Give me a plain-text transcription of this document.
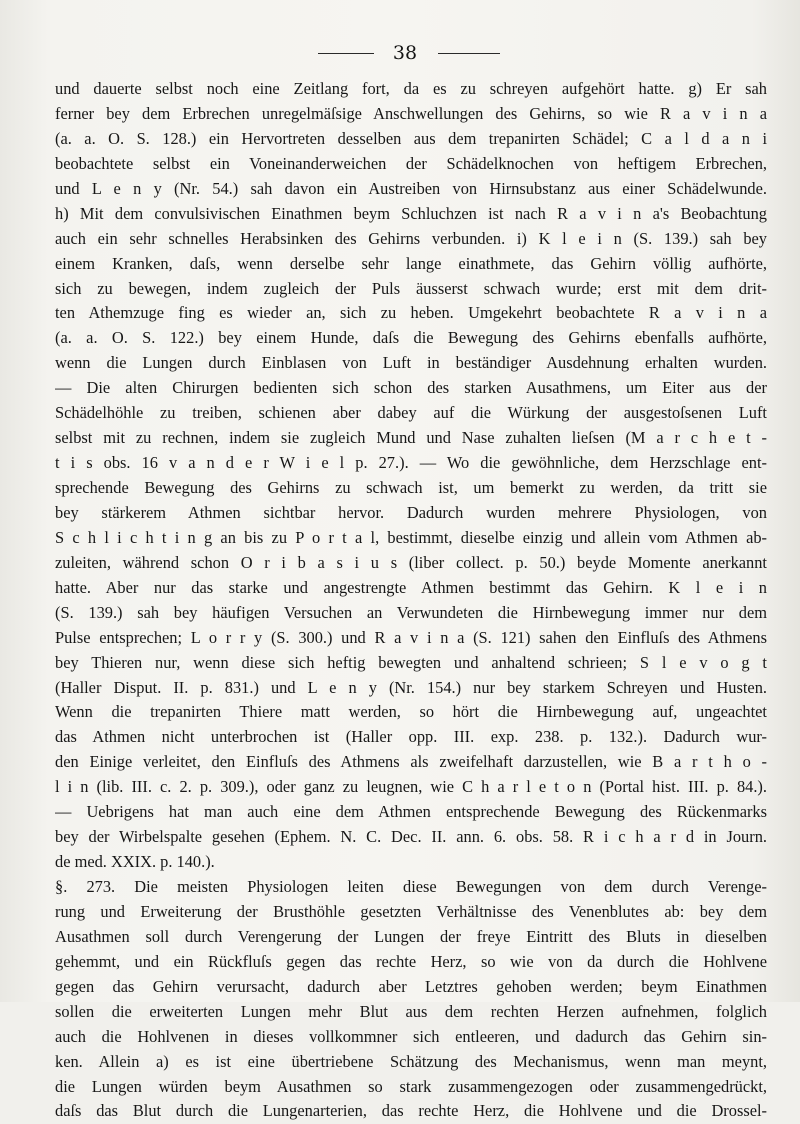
38
und dauerte selbst noch eine Zeitlang fort, da es zu schreyen aufgehört hatte. g) Er sah
ferner bey dem Erbrechen unregelmäſsige Anschwellungen des Gehirns, so wie R a v i n a
(a. a. O. S. 128.) ein Hervortreten desselben aus dem trepanirten Schädel; C a l d a n i
beobachtete selbst ein Voneinanderweichen der Schädelknochen von heftigem Erbrechen,
und L e n y (Nr. 54.) sah davon ein Austreiben von Hirnsubstanz aus einer Schädelwunde.
h) Mit dem convulsivischen Einathmen beym Schluchzen ist nach R a v i n a's Beobachtung
auch ein sehr schnelles Herabsinken des Gehirns verbunden. i) K l e i n (S. 139.) sah bey
einem Kranken, daſs, wenn derselbe sehr lange einathmete, das Gehirn völlig aufhörte,
sich zu bewegen, indem zugleich der Puls äusserst schwach wurde; erst mit dem drit-
ten Athemzuge fing es wieder an, sich zu heben. Umgekehrt beobachtete R a v i n a
(a. a. O. S. 122.) bey einem Hunde, daſs die Bewegung des Gehirns ebenfalls aufhörte,
wenn die Lungen durch Einblasen von Luft in beständiger Ausdehnung erhalten wurden.
— Die alten Chirurgen bedienten sich schon des starken Ausathmens, um Eiter aus der
Schädelhöhle zu treiben, schienen aber dabey auf die Würkung der ausgestoſsenen Luft
selbst mit zu rechnen, indem sie zugleich Mund und Nase zuhalten lieſsen (M a r c h e t -
t i s obs. 16 v a n d e r W i e l p. 27.). — Wo die gewöhnliche, dem Herzschlage ent-
sprechende Bewegung des Gehirns zu schwach ist, um bemerkt zu werden, da tritt sie
bey stärkerem Athmen sichtbar hervor. Dadurch wurden mehrere Physiologen, von
S c h l i c h t i n g an bis zu P o r t a l, bestimmt, dieselbe einzig und allein vom Athmen ab-
zuleiten, während schon O r i b a s i u s (liber collect. p. 50.) beyde Momente anerkannt
hatte. Aber nur das starke und angestrengte Athmen bestimmt das Gehirn. K l e i n
(S. 139.) sah bey häufigen Versuchen an Verwundeten die Hirnbewegung immer nur dem
Pulse entsprechen; L o r r y (S. 300.) und R a v i n a (S. 121) sahen den Einfluſs des Athmens
bey Thieren nur, wenn diese sich heftig bewegten und anhaltend schrieen; S l e v o g t
(Haller Disput. II. p. 831.) und L e n y (Nr. 154.) nur bey starkem Schreyen und Husten.
Wenn die trepanirten Thiere matt werden, so hört die Hirnbewegung auf, ungeachtet
das Athmen nicht unterbrochen ist (Haller opp. III. exp. 238. p. 132.). Dadurch wur-
den Einige verleitet, den Einfluſs des Athmens als zweifelhaft darzustellen, wie B a r t h o -
l i n (lib. III. c. 2. p. 309.), oder ganz zu leugnen, wie C h a r l e t o n (Portal hist. III. p. 84.).
— Uebrigens hat man auch eine dem Athmen entsprechende Bewegung des Rückenmarks
bey der Wirbelspalte gesehen (Ephem. N. C. Dec. II. ann. 6. obs. 58. R i c h a r d in Journ.
de med. XXIX. p. 140.).
§. 273. Die meisten Physiologen leiten diese Bewegungen von dem durch Verenge-
rung und Erweiterung der Brusthöhle gesetzten Verhältnisse des Venenblutes ab: bey dem
Ausathmen soll durch Verengerung der Lungen der freye Eintritt des Bluts in dieselben
gehemmt, und ein Rückfluſs gegen das rechte Herz, so wie von da durch die Hohlvene
gegen das Gehirn verursacht, dadurch aber Letztres gehoben werden; beym Einathmen
sollen die erweiterten Lungen mehr Blut aus dem rechten Herzen aufnehmen, folglich
auch die Hohlvenen in dieses vollkommner sich entleeren, und dadurch das Gehirn sin-
ken. Allein a) es ist eine übertriebene Schätzung des Mechanismus, wenn man meynt,
die Lungen würden beym Ausathmen so stark zusammengezogen oder zusammengedrückt,
daſs das Blut durch die Lungenarterien, das rechte Herz, die Hohlvene und die Drossel-
